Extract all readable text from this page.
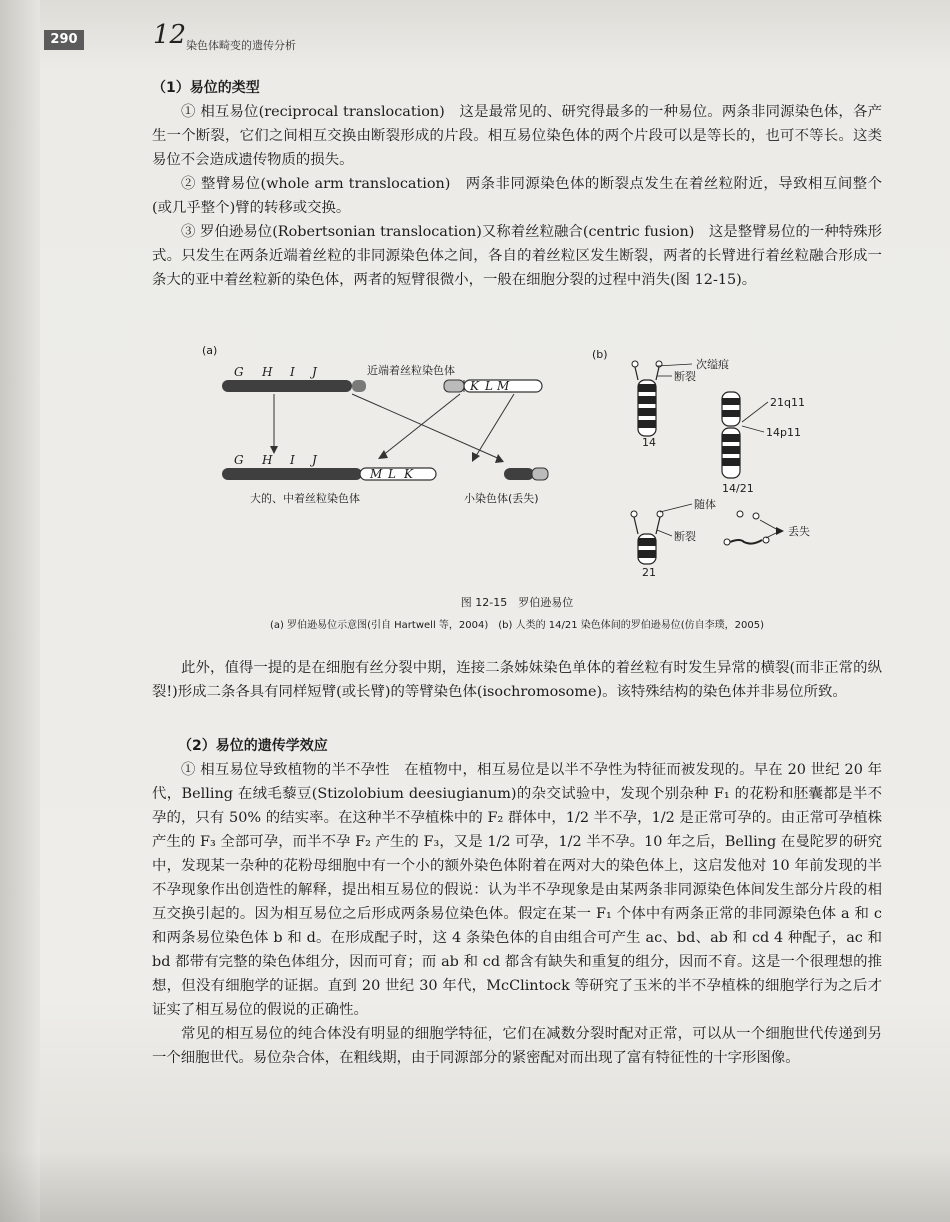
290	12 染色体畸变的遗传分析

（1）易位的类型

① 相互易位(reciprocal translocation)　 这是最常见的、研究得最多的一种易位。两条非同源染色体，各产生一个断裂，它们之间相互交换由断裂形成的片段。相互易位染色体的两个片段可以是等长的，也可不等长。这类易位不会造成遗传物质的损失。

② 整臂易位(whole arm translocation)　 两条非同源染色体的断裂点发生在着丝粒附近，导致相互间整个(或几乎整个)臂的转移或交换。

③ 罗伯逊易位(Robertsonian translocation)又称着丝粒融合(centric fusion)　 这是整臂易位的一种特殊形式。只发生在两条近端着丝粒的非同源染色体之间，各自的着丝粒区发生断裂，两者的长臂进行着丝粒融合形成一条大的亚中着丝粒新的染色体，两者的短臂很微小，一般在细胞分裂的过程中消失(图 12-15)。

(a)
近端着丝粒染色体
G H I J
K L M
G H I J
M L K
大的、中着丝粒染色体	小染色体(丢失)
(b)
14
次缢痕
断裂
21q11
14p11
14/21
21
断裂
随体
丢失
图 12-15　罗伯逊易位
(a) 罗伯逊易位示意图(引自 Hartwell 等，2004)　(b) 人类的 14/21 染色体间的罗伯逊易位(仿自李璞，2005)

此外，值得一提的是在细胞有丝分裂中期，连接二条姊妹染色单体的着丝粒有时发生异常的横裂(而非正常的纵裂!)形成二条各具有同样短臂(或长臂)的等臂染色体(isochromosome)。该特殊结构的染色体并非易位所致。

（2）易位的遗传学效应

① 相互易位导致植物的半不孕性　 在植物中，相互易位是以半不孕性为特征而被发现的。早在 20 世纪 20 年代，Belling 在绒毛藜豆(Stizolobium deesiugianum)的杂交试验中，发现个别杂种 F₁ 的花粉和胚囊都是半不孕的，只有 50% 的结实率。在这种半不孕植株中的 F₂ 群体中，1/2 半不孕，1/2 是正常可孕的。由正常可孕植株产生的 F₃ 全部可孕，而半不孕 F₂ 产生的 F₃，又是 1/2 可孕，1/2 半不孕。10 年之后，Belling 在曼陀罗的研究中，发现某一杂种的花粉母细胞中有一个小的额外染色体附着在两对大的染色体上，这启发他对 10 年前发现的半不孕现象作出创造性的解释，提出相互易位的假说：认为半不孕现象是由某两条非同源染色体间发生部分片段的相互交换引起的。因为相互易位之后形成两条易位染色体。假定在某一 F₁ 个体中有两条正常的非同源染色体 a 和 c 和两条易位染色体 b 和 d。在形成配子时，这 4 条染色体的自由组合可产生 ac、bd、ab 和 cd 4 种配子，ac 和 bd 都带有完整的染色体组分，因而可育；而 ab 和 cd 都含有缺失和重复的组分，因而不育。这是一个很理想的推想，但没有细胞学的证据。直到 20 世纪 30 年代，McClintock 等研究了玉米的半不孕植株的细胞学行为之后才证实了相互易位的假说的正确性。

常见的相互易位的纯合体没有明显的细胞学特征，它们在减数分裂时配对正常，可以从一个细胞世代传递到另一个细胞世代。易位杂合体，在粗线期，由于同源部分的紧密配对而出现了富有特征性的十字形图像。
